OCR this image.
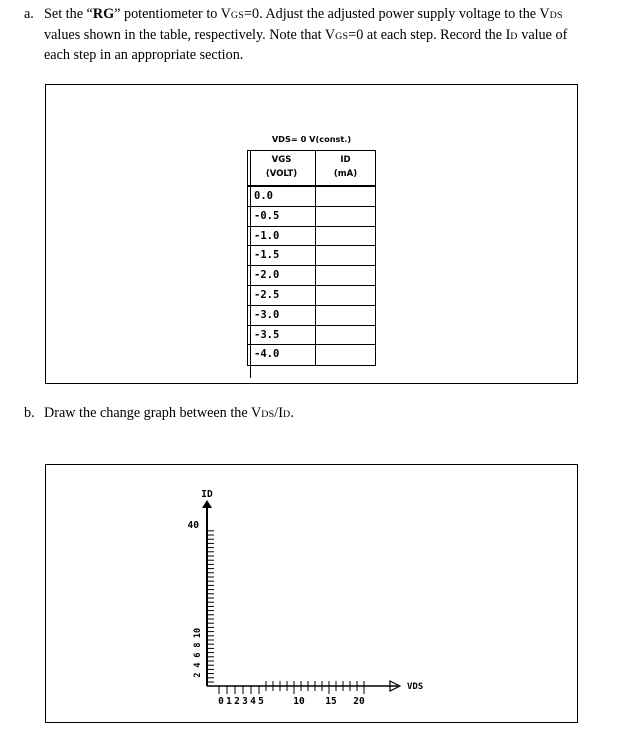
a. Set the “RG” potentiometer to VGS=0. Adjust the adjusted power supply voltage to the VDS values shown in the table, respectively. Note that VGS=0 at each step. Record the ID value of each step in an appropriate section.
VDS= 0 V(const.)
VGS
(VOLT)
ID
(mA)
0.0
-0.5
-1.0
-1.5
-2.0
-2.5
-3.0
-3.5
-4.0
b. Draw the change graph between the VDS/ID.
ID
40
10
8
6
4
2
VDS
0 1 2 3 4 5	10 15 20
